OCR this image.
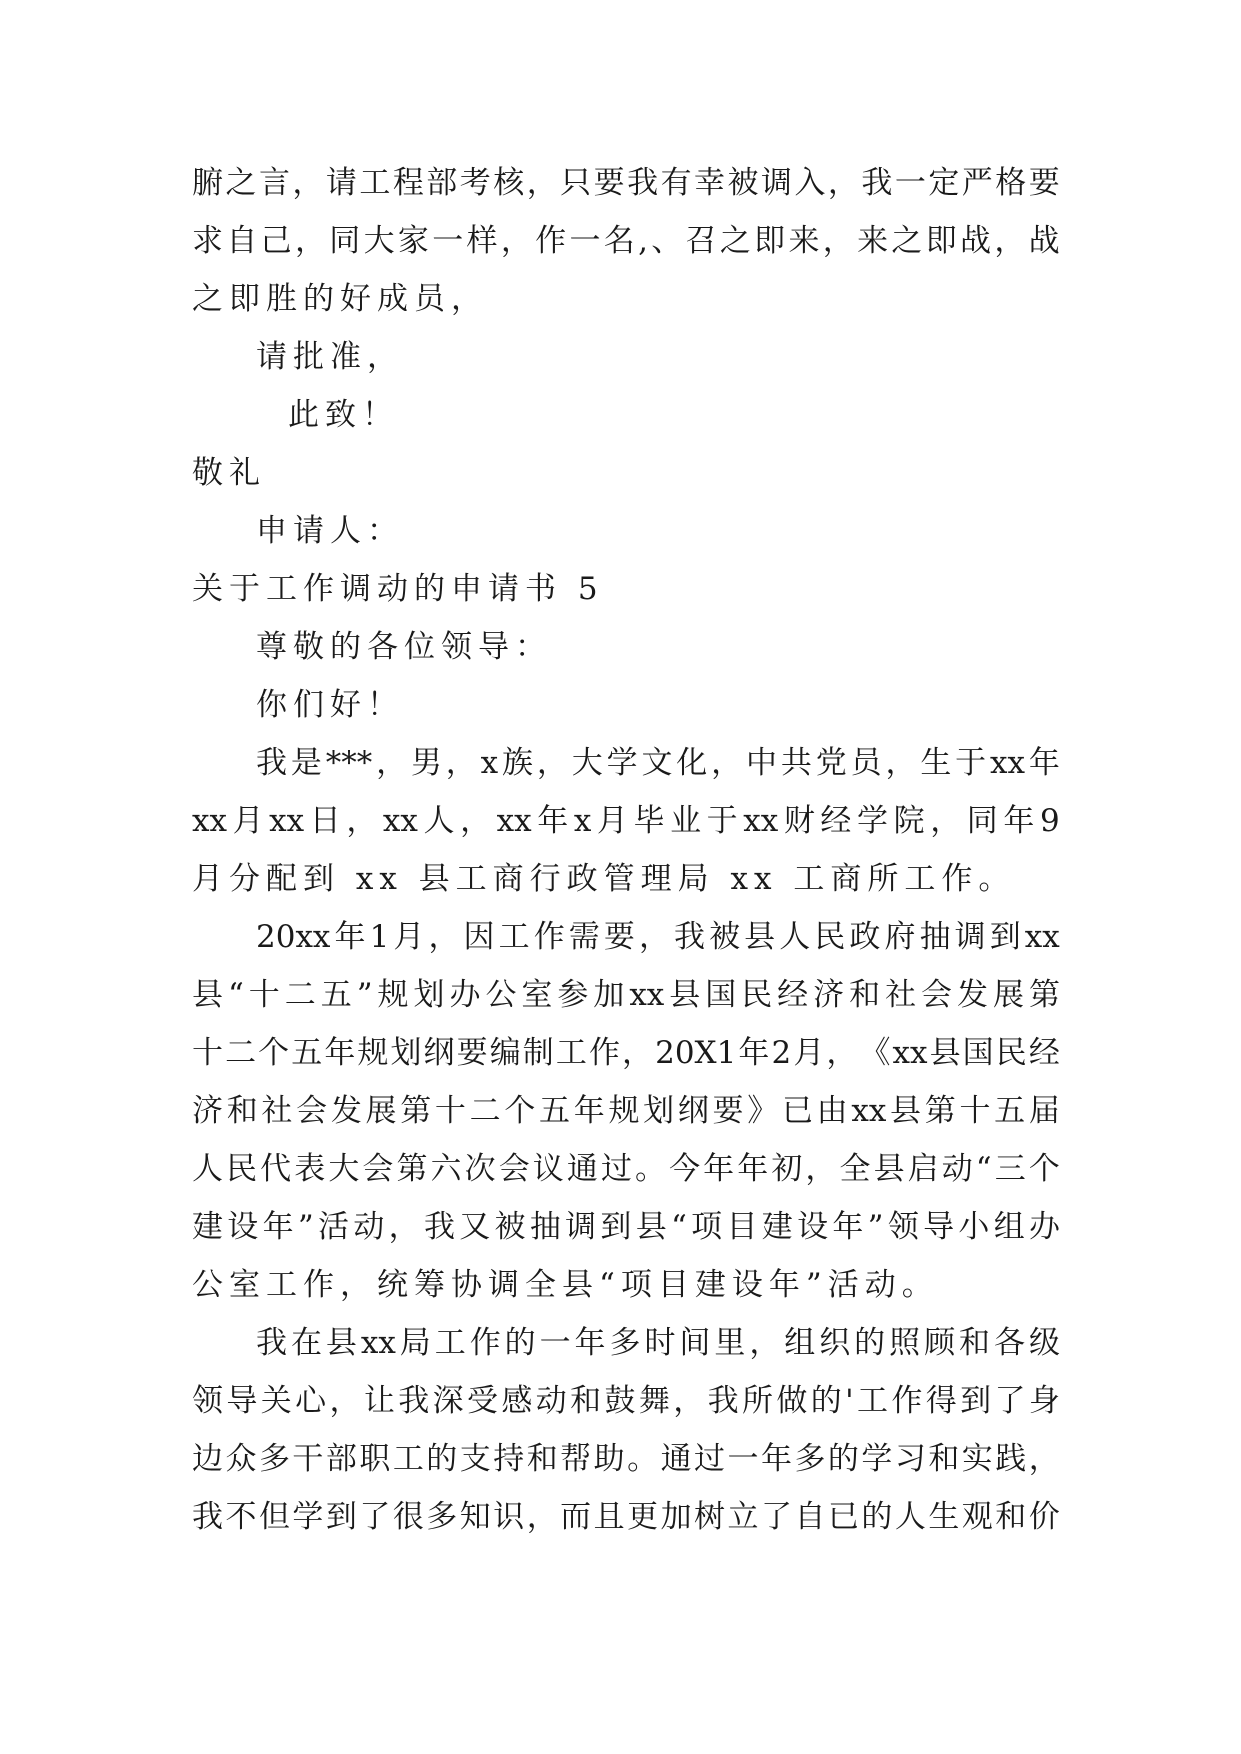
腑 之 言 ， 请 工 程 部 考 核 ， 只 要 我 有 幸 被 调 入 ， 我 一 定 严 格 要
求 自 己 ， 同 大 家 一 样 ， 作 一 名 , 、 召 之 即 来 ， 来 之 即 战 ， 战
之即胜的好成员，
请批准，
此致！
敬礼
申请人：
关于工作调动的申请书 5
尊敬的各位领导：
你们好！
我 是 *** ， 男 ， x 族 ， 大 学 文 化 ， 中 共 党 员 ， 生 于 xx 年
xx 月 xx 日 ， xx 人 ， xx 年 x 月 毕 业 于 xx 财 经 学 院 ， 同 年 9
月分配到 xx 县工商行政管理局 xx 工商所工作。
20xx 年 1 月 ， 因 工 作 需 要 ， 我 被 县 人 民 政 府 抽 调 到 xx
县 “ 十 二 五 ” 规 划 办 公 室 参 加 xx 县 国 民 经 济 和 社 会 发 展 第
十 二 个 五 年 规 划 纲 要 编 制 工 作 ， 20X1 年 2 月 ， 《 xx 县 国 民 经
济 和 社 会 发 展 第 十 二 个 五 年 规 划 纲 要 》 已 由 xx 县 第 十 五 届
人 民 代 表 大 会 第 六 次 会 议 通 过 。 今 年 年 初 ， 全 县 启 动 “ 三 个
建 设 年 ” 活 动 ， 我 又 被 抽 调 到 县 “ 项 目 建 设 年 ” 领 导 小 组 办
公室工作，统筹协调全县“项目建设年”活动。
我 在 县 xx 局 工 作 的 一 年 多 时 间 里 ， 组 织 的 照 顾 和 各 级
领 导 关 心 ， 让 我 深 受 感 动 和 鼓 舞 ， 我 所 做 的 ' 工 作 得 到 了 身
边 众 多 干 部 职 工 的 支 持 和 帮 助 。 通 过 一 年 多 的 学 习 和 实 践 ，
我 不 但 学 到 了 很 多 知 识 ， 而 且 更 加 树 立 了 自 已 的 人 生 观 和 价
